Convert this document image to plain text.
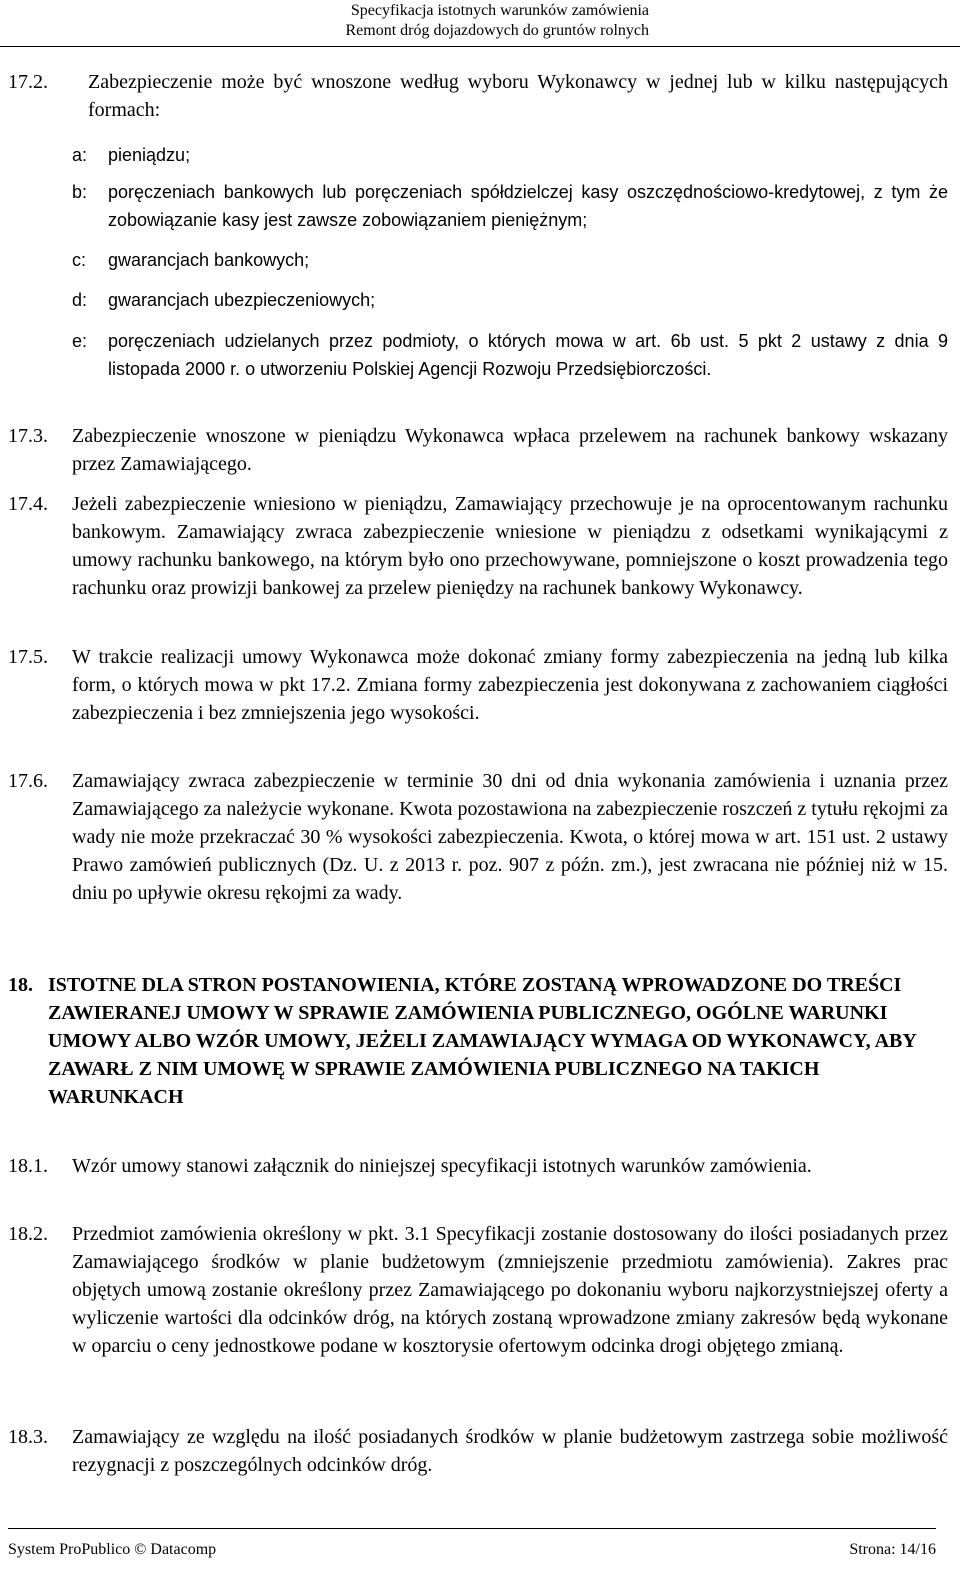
Specyfikacja istotnych warunków zamówienia
Remont dróg dojazdowych do gruntów rolnych
17.2. Zabezpieczenie może być wnoszone według wyboru Wykonawcy w jednej lub w kilku następujących formach:
a: pieniądzu;
b: poręczeniach bankowych lub poręczeniach spółdzielczej kasy oszczędnościowo-kredytowej, z tym że zobowiązanie kasy jest zawsze zobowiązaniem pieniężnym;
c: gwarancjach bankowych;
d: gwarancjach ubezpieczeniowych;
e: poręczeniach udzielanych przez podmioty, o których mowa w art. 6b ust. 5 pkt 2 ustawy z dnia 9 listopada 2000 r. o utworzeniu Polskiej Agencji Rozwoju Przedsiębiorczości.
17.3. Zabezpieczenie wnoszone w pieniądzu Wykonawca wpłaca przelewem na rachunek bankowy wskazany przez Zamawiającego.
17.4. Jeżeli zabezpieczenie wniesiono w pieniądzu, Zamawiający przechowuje je na oprocentowanym rachunku bankowym. Zamawiający zwraca zabezpieczenie wniesione w pieniądzu z odsetkami wynikającymi z umowy rachunku bankowego, na którym było ono przechowywane, pomniejszone o koszt prowadzenia tego rachunku oraz prowizji bankowej za przelew pieniędzy na rachunek bankowy Wykonawcy.
17.5. W trakcie realizacji umowy Wykonawca może dokonać zmiany formy zabezpieczenia na jedną lub kilka form, o których mowa w pkt 17.2. Zmiana formy zabezpieczenia jest dokonywana z zachowaniem ciągłości zabezpieczenia i bez zmniejszenia jego wysokości.
17.6. Zamawiający zwraca zabezpieczenie w terminie 30 dni od dnia wykonania zamówienia i uznania przez Zamawiającego za należycie wykonane. Kwota pozostawiona na zabezpieczenie roszczeń z tytułu rękojmi za wady nie może przekraczać 30 % wysokości zabezpieczenia. Kwota, o której mowa w art. 151 ust. 2 ustawy Prawo zamówień publicznych (Dz. U. z 2013 r. poz. 907 z późn. zm.), jest zwracana nie później niż w 15. dniu po upływie okresu rękojmi za wady.
18. ISTOTNE DLA STRON POSTANOWIENIA, KTÓRE ZOSTANĄ WPROWADZONE DO TREŚCI ZAWIERANEJ UMOWY W SPRAWIE ZAMÓWIENIA PUBLICZNEGO, OGÓLNE WARUNKI UMOWY ALBO WZÓR UMOWY, JEŻELI ZAMAWIAJĄCY WYMAGA OD WYKONAWCY, ABY ZAWARŁ Z NIM UMOWĘ W SPRAWIE ZAMÓWIENIA PUBLICZNEGO NA TAKICH WARUNKACH
18.1. Wzór umowy stanowi załącznik do niniejszej specyfikacji istotnych warunków zamówienia.
18.2. Przedmiot zamówienia określony w pkt. 3.1 Specyfikacji zostanie dostosowany do ilości posiadanych przez Zamawiającego środków w planie budżetowym (zmniejszenie przedmiotu zamówienia). Zakres prac objętych umową zostanie określony przez Zamawiającego po dokonaniu wyboru najkorzystniejszej oferty a wyliczenie wartości dla odcinków dróg, na których zostaną wprowadzone zmiany zakresów będą wykonane w oparciu o ceny jednostkowe podane w kosztorysie ofertowym odcinka drogi objętego zmianą.
18.3. Zamawiający ze względu na ilość posiadanych środków w planie budżetowym zastrzega sobie możliwość rezygnacji z poszczególnych odcinków dróg.
System ProPublico © Datacomp	Strona: 14/16
